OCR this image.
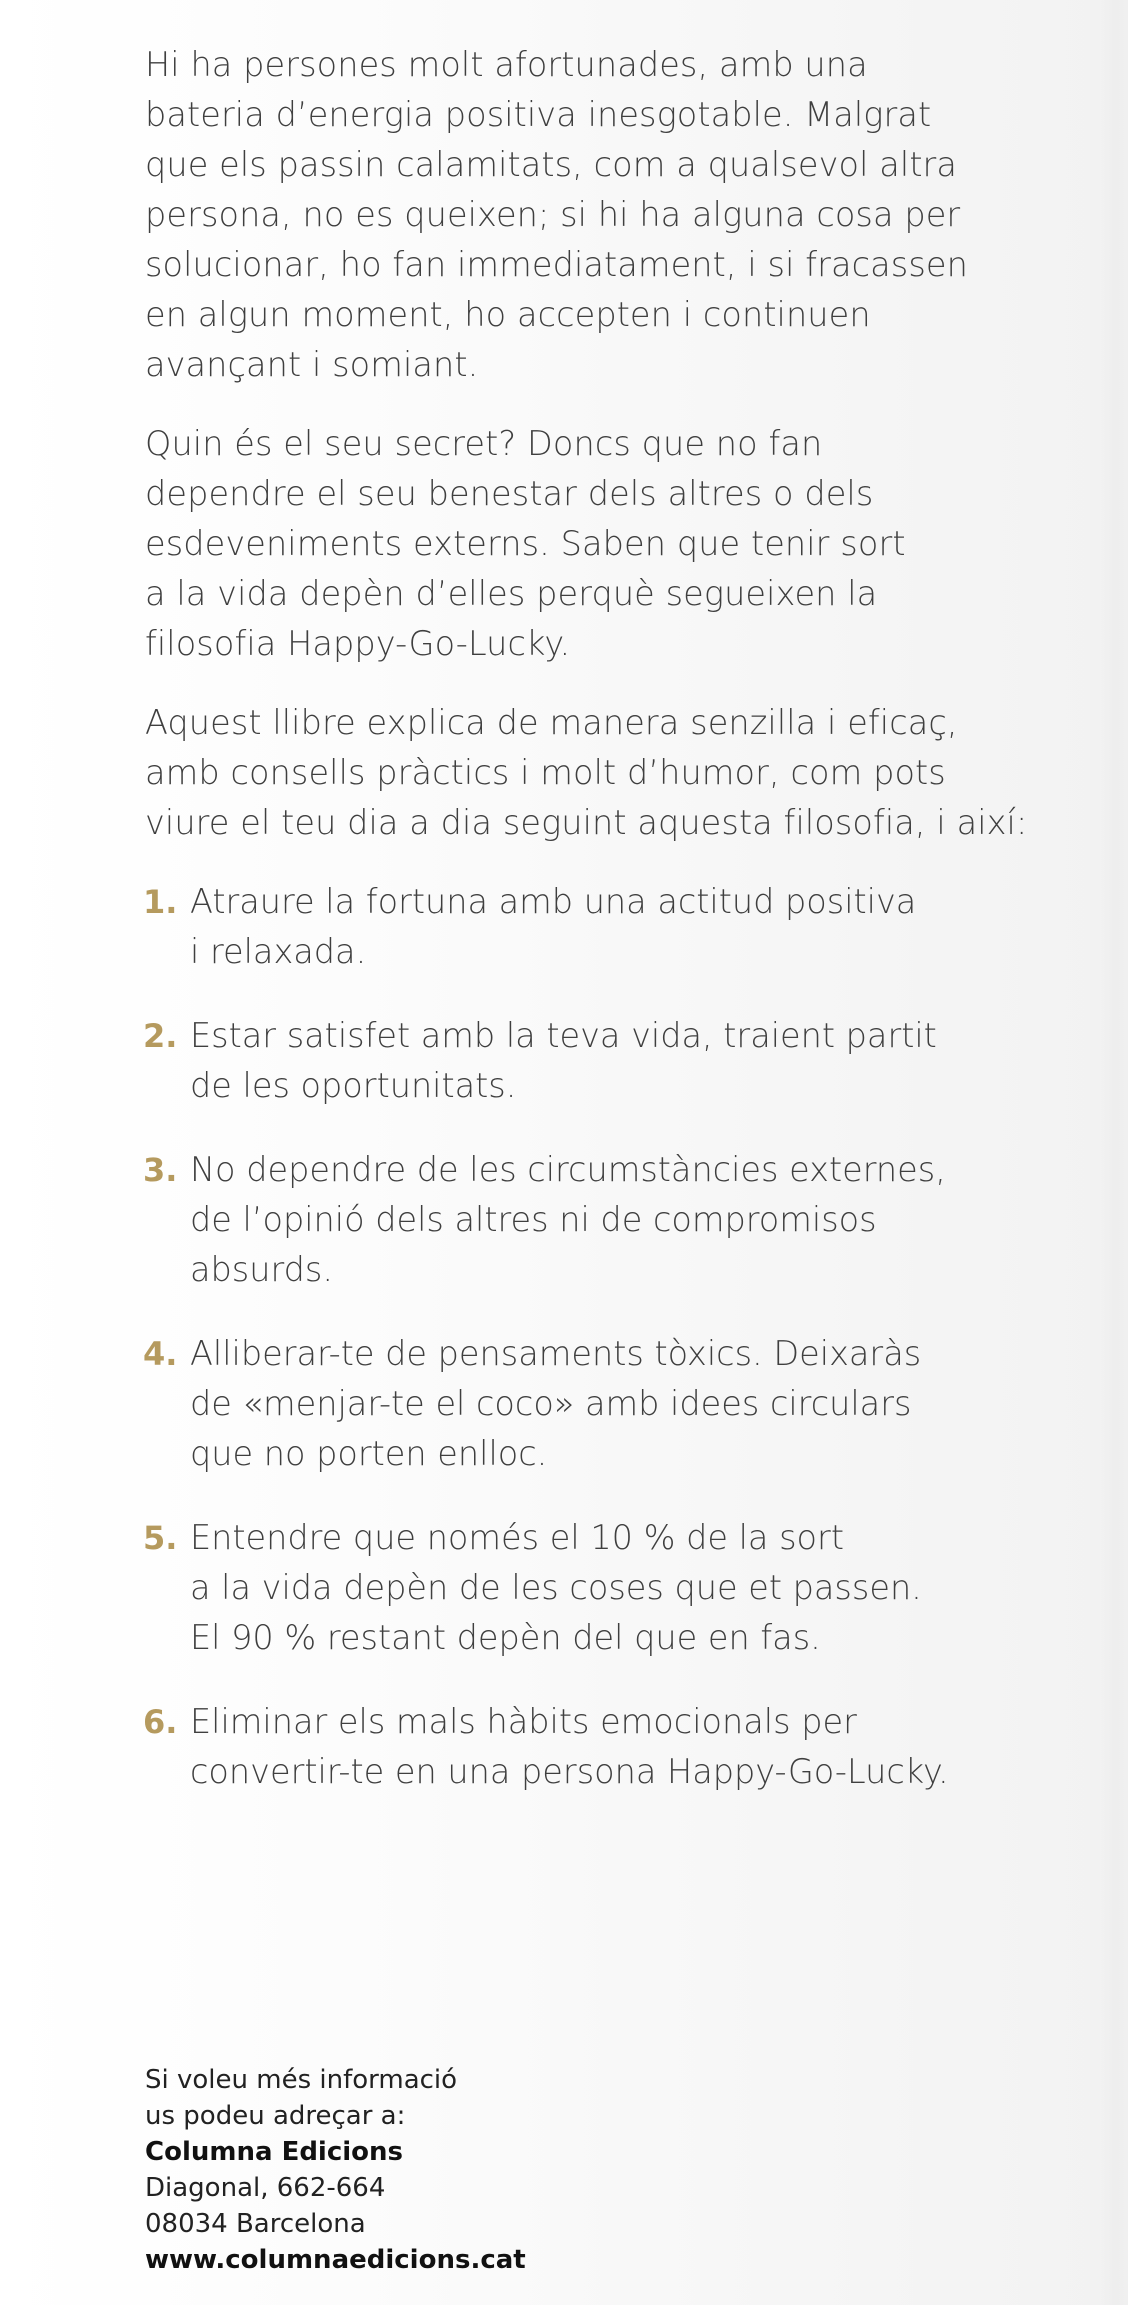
Hi ha persones molt afortunades, amb una
bateria d’energia positiva inesgotable. Malgrat
que els passin calamitats, com a qualsevol altra
persona, no es queixen; si hi ha alguna cosa per
solucionar, ho fan immediatament, i si fracassen
en algun moment, ho accepten i continuen
avançant i somiant.

Quin és el seu secret? Doncs que no fan
dependre el seu benestar dels altres o dels
esdeveniments externs. Saben que tenir sort
a la vida depèn d’elles perquè segueixen la
filosofia Happy-Go-Lucky.

Aquest llibre explica de manera senzilla i eficaç,
amb consells pràctics i molt d’humor, com pots
viure el teu dia a dia seguint aquesta filosofia, i així:

1. Atraure la fortuna amb una actitud positiva
i relaxada.
2. Estar satisfet amb la teva vida, traient partit
de les oportunitats.
3. No dependre de les circumstàncies externes,
de l’opinió dels altres ni de compromisos
absurds.
4. Alliberar-te de pensaments tòxics. Deixaràs
de «menjar-te el coco» amb idees circulars
que no porten enlloc.
5. Entendre que només el 10 % de la sort
a la vida depèn de les coses que et passen.
El 90 % restant depèn del que en fas.
6. Eliminar els mals hàbits emocionals per
convertir-te en una persona Happy-Go-Lucky.
Si voleu més informació
us podeu adreçar a:
Columna Edicions
Diagonal, 662-664
08034 Barcelona
www.columnaedicions.cat
